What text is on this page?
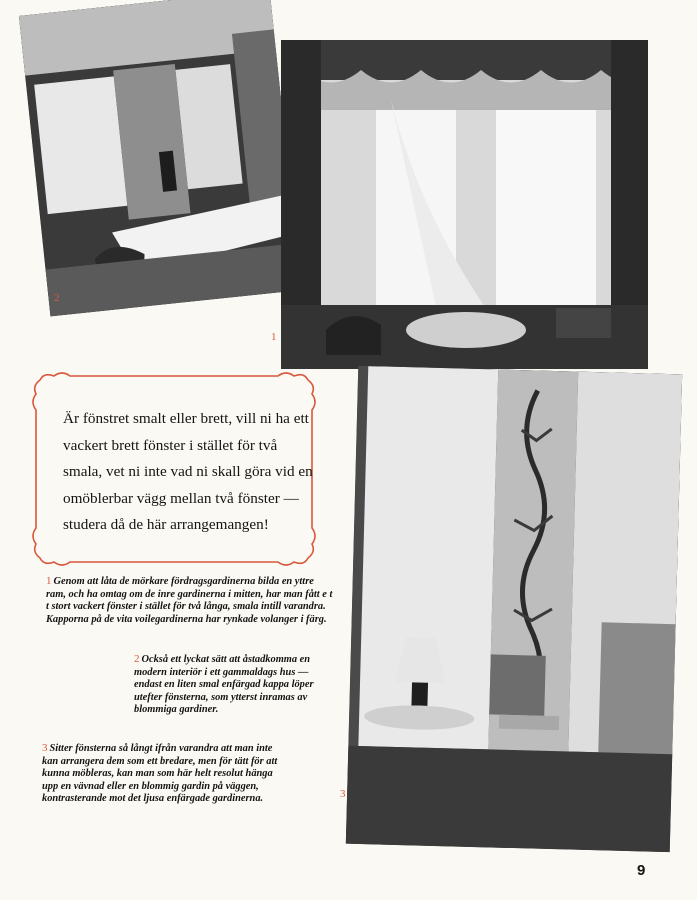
2
1
Är fönstret smalt eller brett, vill ni ha ett vackert brett fönster i stället för två smala, vet ni inte vad ni skall göra vid en omöblerbar vägg mellan två fönster — studera då de här arrangemangen!
1 Genom att låta de mörkare fördragsgardinerna bilda en yttre ram, och ha omtag om de inre gardinerna i mitten, har man fått e t t stort vackert fönster i stället för två långa, smala intill varandra. Kapporna på de vita voilegardinerna har rynkade volanger i färg.
2 Också ett lyckat sätt att åstadkomma en modern interiör i ett gammaldags hus — endast en liten smal enfärgad kappa löper utefter fönsterna, som ytterst inramas av blommiga gardiner.
3 Sitter fönsterna så långt ifrån varandra att man inte kan arrangera dem som ett bredare, men för tätt för att kunna möbleras, kan man som här helt resolut hänga upp en vävnad eller en blommig gardin på väggen, kontrasterande mot det ljusa enfärgade gardinerna.	3
9
